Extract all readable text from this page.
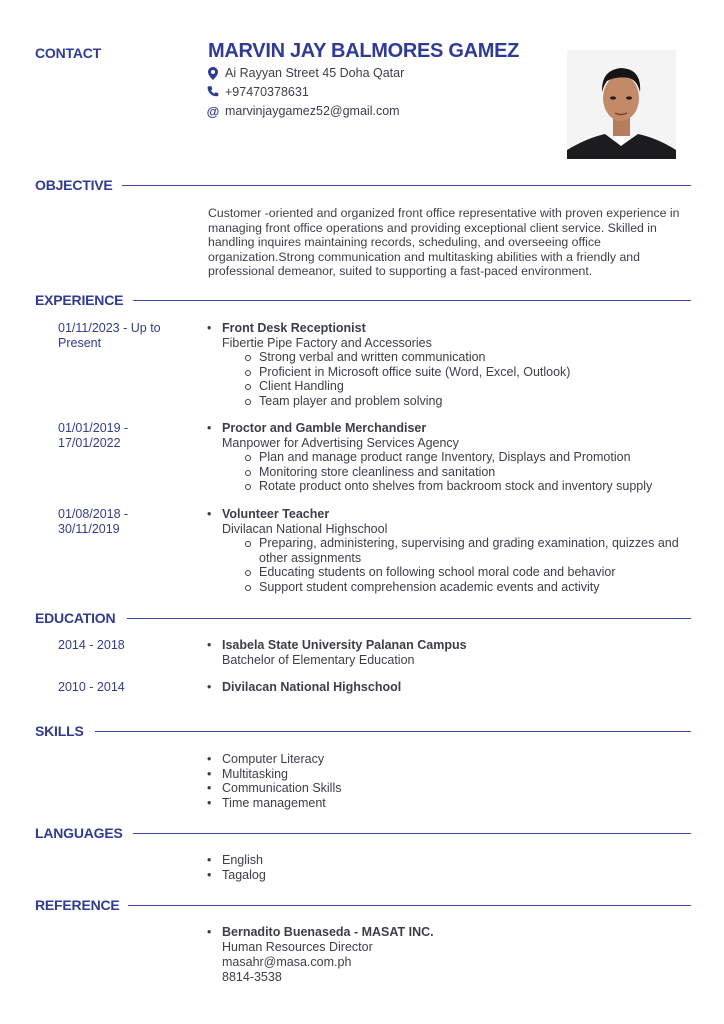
CONTACT	MARVIN JAY BALMORES GAMEZ
Ai Rayyan Street 45 Doha Qatar
+97470378631
@ marvinjaygamez52@gmail.com
OBJECTIVE
Customer -oriented and organized front office representative with proven experience in managing front office operations and providing exceptional client service. Skilled in handling inquires maintaining records, scheduling, and overseeing office organization.Strong communication and multitasking abilities with a friendly and professional demeanor, suited to supporting a fast-paced environment.
EXPERIENCE
01/11/2023 - Up to Present
• Front Desk Receptionist
Fibertie Pipe Factory and Accessories
Strong verbal and written communication
Proficient in Microsoft office suite (Word, Excel, Outlook)
Client Handling
Team player and problem solving
01/01/2019 - 17/01/2022
• Proctor and Gamble Merchandiser
Manpower for Advertising Services Agency
Plan and manage product range Inventory, Displays and Promotion
Monitoring store cleanliness and sanitation
Rotate product onto shelves from backroom stock and inventory supply
01/08/2018 - 30/11/2019
• Volunteer Teacher
Divilacan National Highschool
Preparing, administering, supervising and grading examination, quizzes and other assignments
Educating students on following school moral code and behavior
Support student comprehension academic events and activity
EDUCATION
2014 - 2018	• Isabela State University Palanan Campus
Batchelor of Elementary Education
2010 - 2014	• Divilacan National Highschool
SKILLS
• Computer Literacy
• Multitasking
• Communication Skills
• Time management
LANGUAGES
• English
• Tagalog
REFERENCE
• Bernadito Buenaseda - MASAT INC.
Human Resources Director
masahr@masa.com.ph
8814-3538
